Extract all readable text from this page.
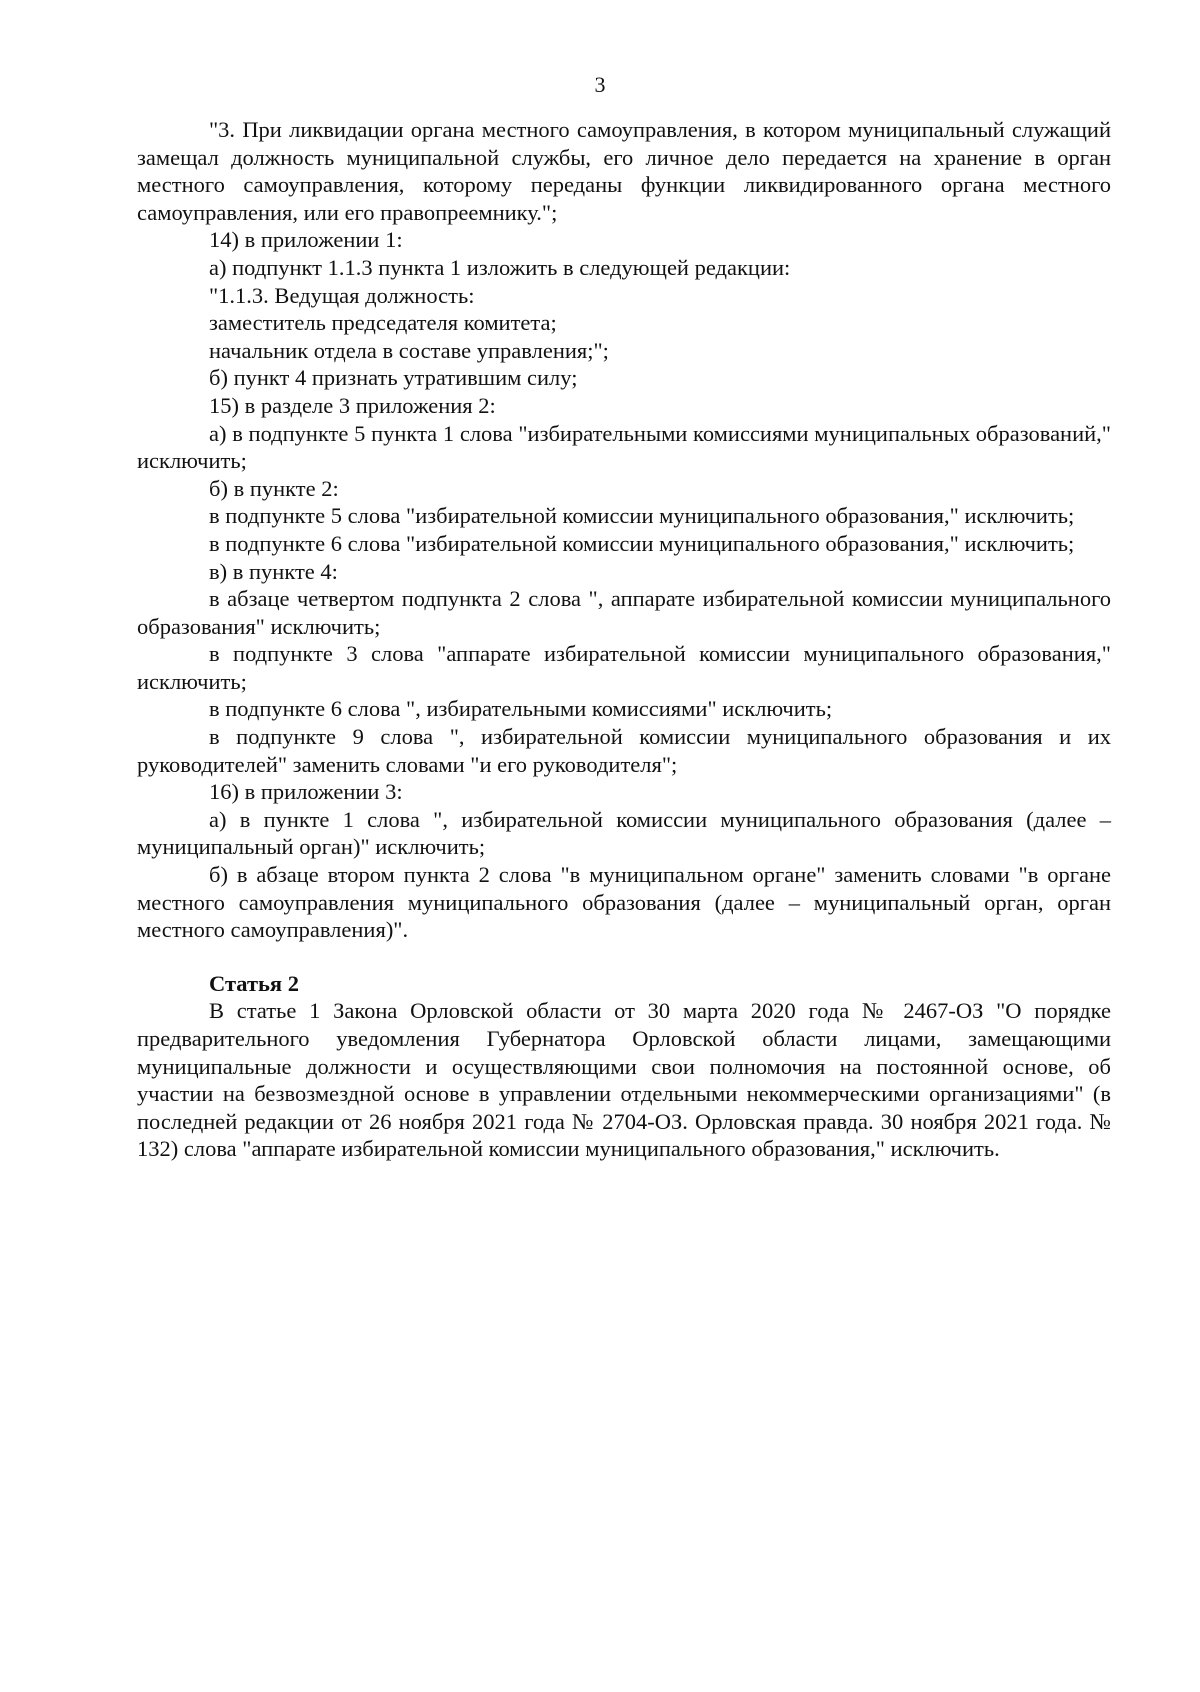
3

"3. При ликвидации органа местного самоуправления, в котором муниципальный служащий замещал должность муниципальной службы, его личное дело передается на хранение в орган местного самоуправления, которому переданы функции ликвидированного органа местного самоуправления, или его правопреемнику.";

14) в приложении 1:

а) подпункт 1.1.3 пункта 1 изложить в следующей редакции:

"1.1.3. Ведущая должность:

заместитель председателя комитета;

начальник отдела в составе управления;";

б) пункт 4 признать утратившим силу;

15) в разделе 3 приложения 2:

а) в подпункте 5 пункта 1 слова "избирательными комиссиями муниципальных образований," исключить;

б) в пункте 2:

в подпункте 5 слова "избирательной комиссии муниципального образования," исключить;

в подпункте 6 слова "избирательной комиссии муниципального образования," исключить;

в) в пункте 4:

в абзаце четвертом подпункта 2 слова ", аппарате избирательной комиссии муниципального образования" исключить;

в подпункте 3 слова "аппарате избирательной комиссии муниципального образования," исключить;

в подпункте 6 слова ", избирательными комиссиями" исключить;

в подпункте 9 слова ", избирательной комиссии муниципального образования и их руководителей" заменить словами "и его руководителя";

16) в приложении 3:

а) в пункте 1 слова ", избирательной комиссии муниципального образования (далее – муниципальный орган)" исключить;

б) в абзаце втором пункта 2 слова "в муниципальном органе" заменить словами "в органе местного самоуправления муниципального образования (далее – муниципальный орган, орган местного самоуправления)".

Статья 2

В статье 1 Закона Орловской области от 30 марта 2020 года № 2467-ОЗ "О порядке предварительного уведомления Губернатора Орловской области лицами, замещающими муниципальные должности и осуществляющими свои полномочия на постоянной основе, об участии на безвозмездной основе в управлении отдельными некоммерческими организациями" (в последней редакции от 26 ноября 2021 года № 2704-ОЗ. Орловская правда. 30 ноября 2021 года. № 132) слова "аппарате избирательной комиссии муниципального образования," исключить.
